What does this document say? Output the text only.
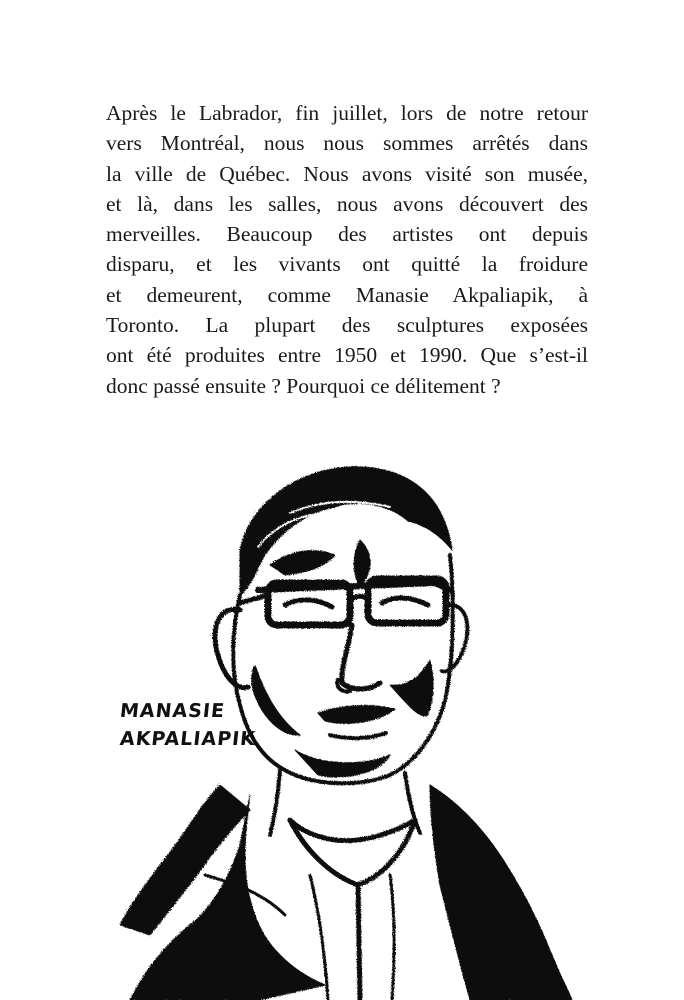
Après le Labrador, fin juillet, lors de notre retour
vers Montréal, nous nous sommes arrêtés dans
la ville de Québec. Nous avons visité son musée,
et là, dans les salles, nous avons découvert des
merveilles. Beaucoup des artistes ont depuis
disparu, et les vivants ont quitté la froidure
et demeurent, comme Manasie Akpaliapik, à
Toronto. La plupart des sculptures exposées
ont été produites entre 1950 et 1990. Que s’est-il
donc passé ensuite ? Pourquoi ce délitement ?
MANASIE
AKPALIAPIK
